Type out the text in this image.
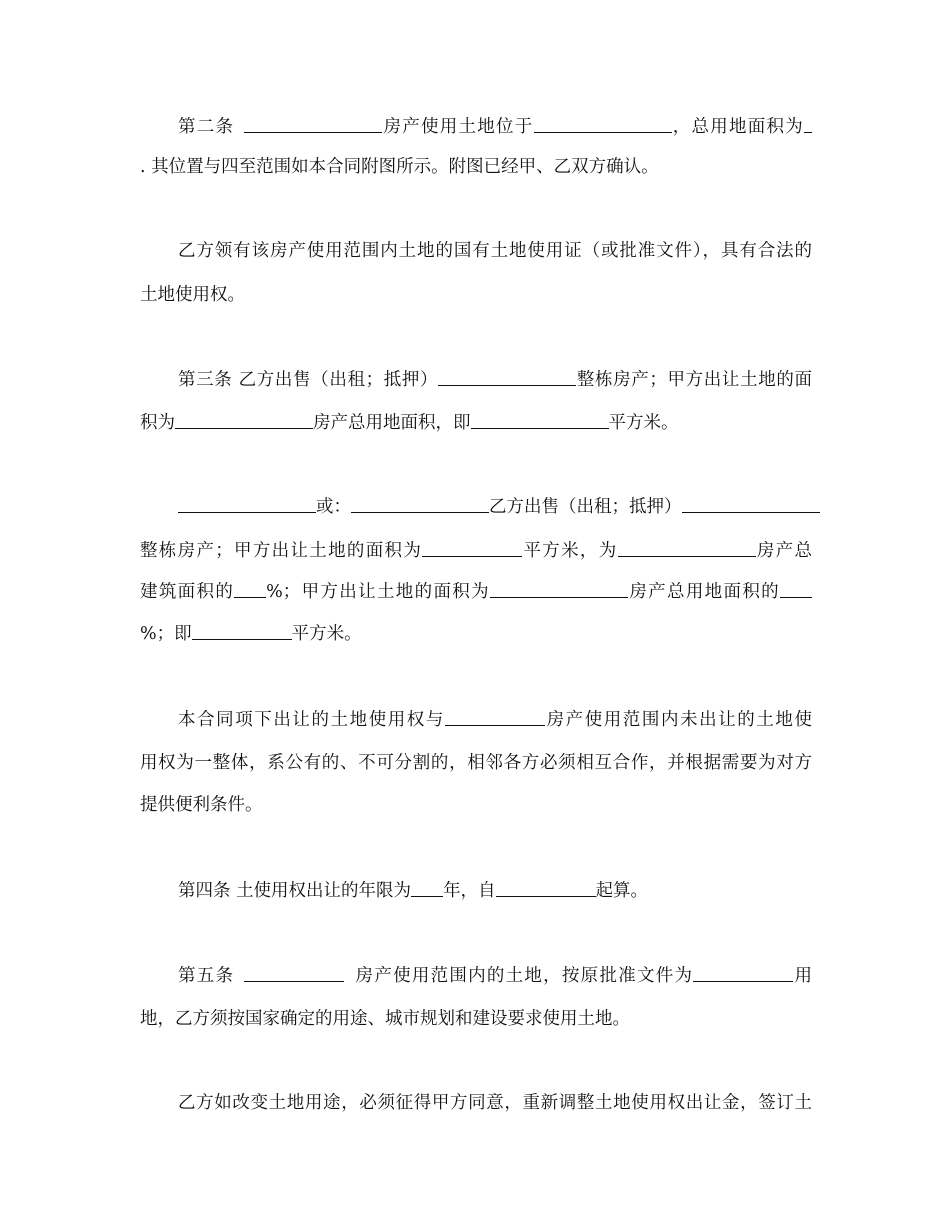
第二条	房产使用土地位于	，总用地面积为
. 其位置与四至范围如本合同附图所示。附图已经甲、乙双方确认。
乙方领有该房产使用范围内土地的国有土地使用证（或批准文件），具有合法的
土地使用权。
第三条 乙方出售（出租；抵押）	整栋房产；甲方出让土地的面
积为	房产总用地面积，即	平方米。
或：	乙方出售（出租；抵押）
整栋房产；甲方出让土地的面积为	平方米，为	房产总
建筑面积的 %；甲方出让土地的面积为	房产总用地面积的
%；即	平方米。
本合同项下出让的土地使用权与	房产使用范围内未出让的土地使
用权为一整体，系公有的、不可分割的，相邻各方必须相互合作，并根据需要为对方
提供便利条件。
第四条 土使用权出让的年限为 年，自	起算。
第五条	房产使用范围内的土地，按原批准文件为	用
地，乙方须按国家确定的用途、城市规划和建设要求使用土地。
乙方如改变土地用途，必须征得甲方同意，重新调整土地使用权出让金，签订土
